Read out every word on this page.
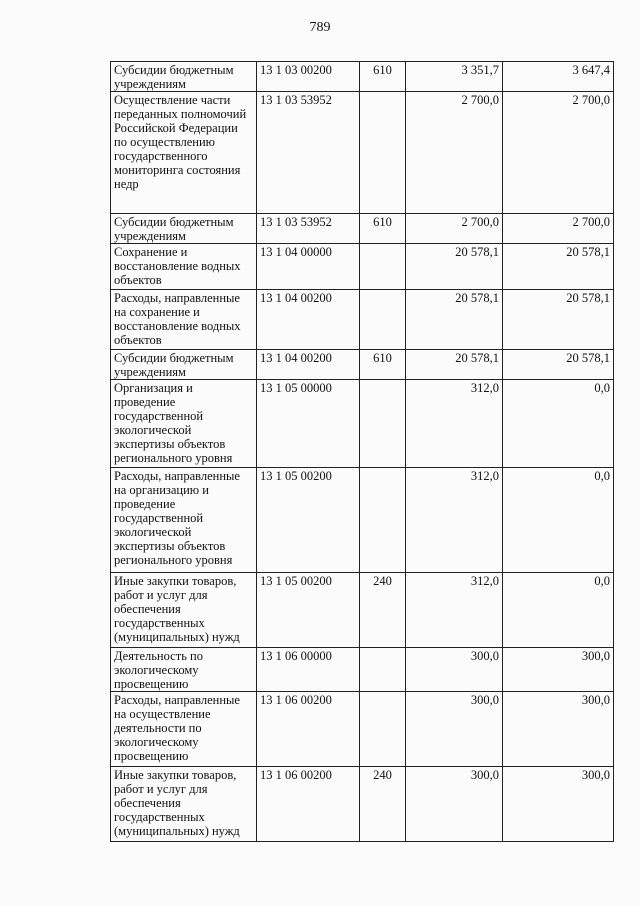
789
Субсидии бюджетным учреждениям	13 1 03 00200	610	3 351,7	3 647,4
Осуществление части переданных полномочий Российской Федерации по осуществлению государственного мониторинга состояния недр	13 1 03 53952		2 700,0	2 700,0
Субсидии бюджетным учреждениям	13 1 03 53952	610	2 700,0	2 700,0
Сохранение и восстановление водных объектов	13 1 04 00000		20 578,1	20 578,1
Расходы, направленные на сохранение и восстановление водных объектов	13 1 04 00200		20 578,1	20 578,1
Субсидии бюджетным учреждениям	13 1 04 00200	610	20 578,1	20 578,1
Организация и проведение государственной экологической экспертизы объектов регионального уровня	13 1 05 00000		312,0	0,0
Расходы, направленные на организацию и проведение государственной экологической экспертизы объектов регионального уровня	13 1 05 00200		312,0	0,0
Иные закупки товаров, работ и услуг для обеспечения государственных (муниципальных) нужд	13 1 05 00200	240	312,0	0,0
Деятельность по экологическому просвещению	13 1 06 00000		300,0	300,0
Расходы, направленные на осуществление деятельности по экологическому просвещению	13 1 06 00200		300,0	300,0
Иные закупки товаров, работ и услуг для обеспечения государственных (муниципальных) нужд	13 1 06 00200	240	300,0	300,0
